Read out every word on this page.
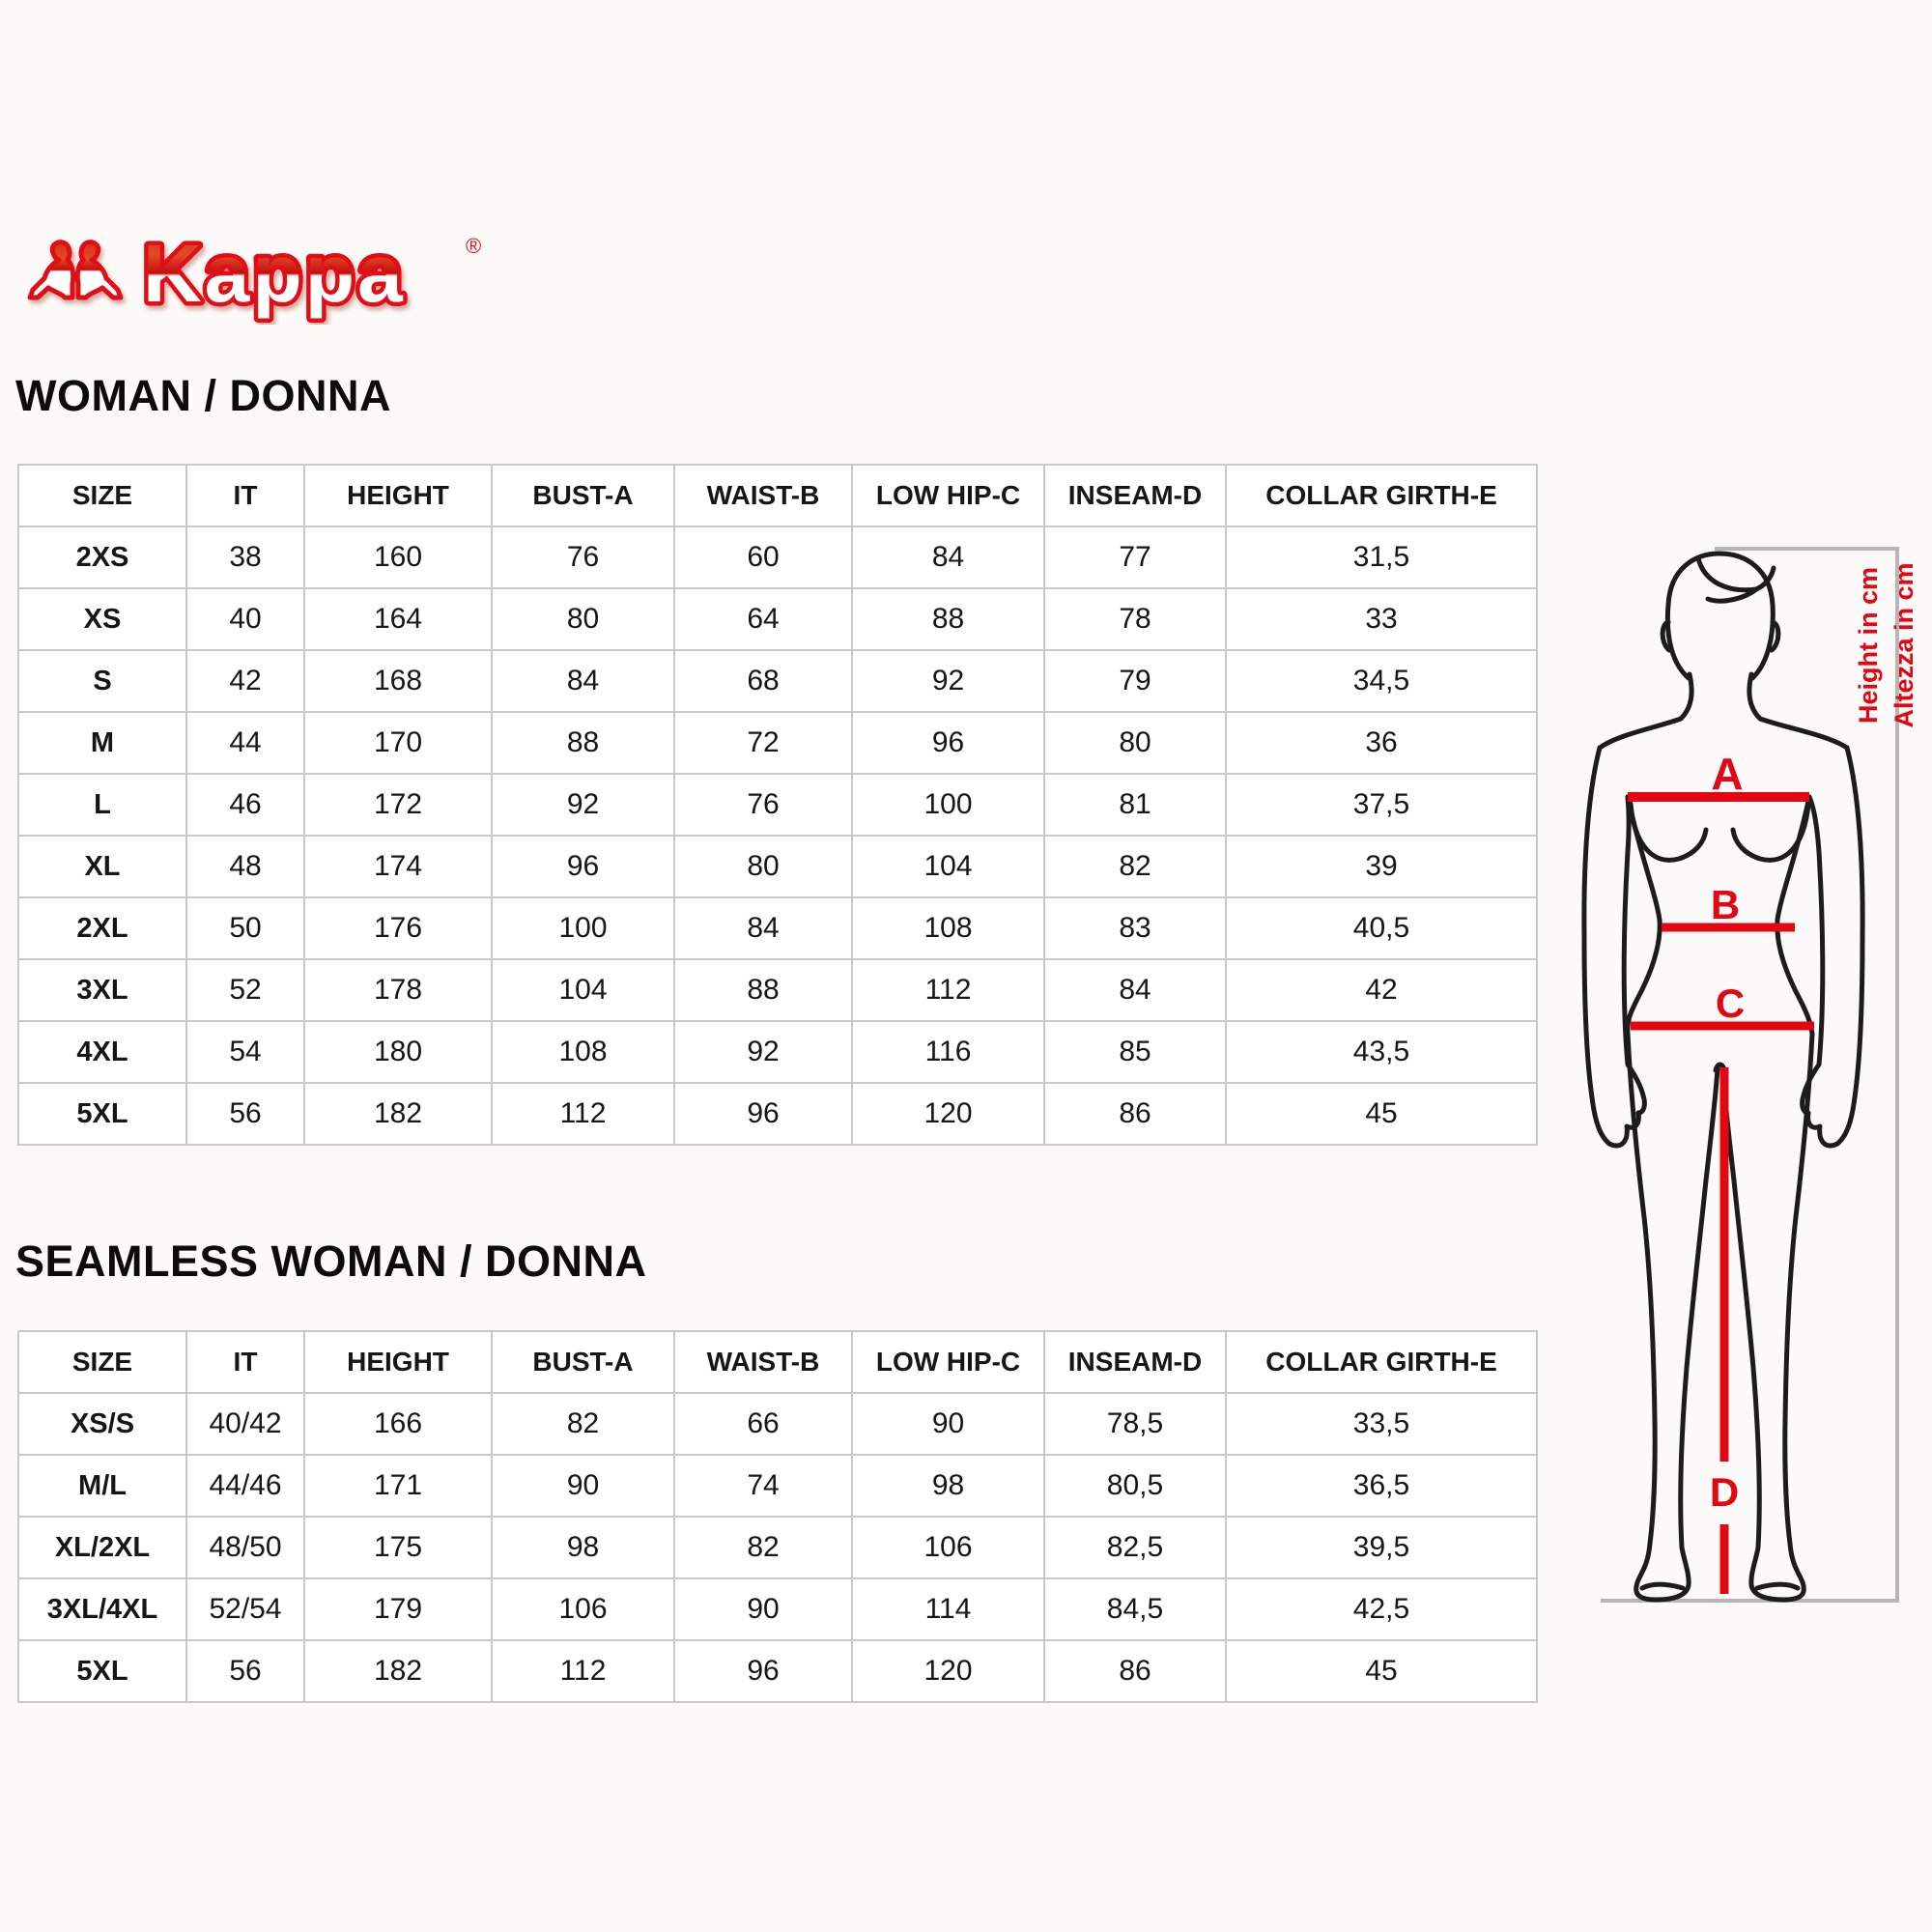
Kappa	®
WOMAN / DONNA
SIZE	IT	HEIGHT	BUST-A	WAIST-B	LOW HIP-C	INSEAM-D	COLLAR GIRTH-E
2XS	38	160	76	60	84	77	31,5
XS	40	164	80	64	88	78	33
S	42	168	84	68	92	79	34,5
M	44	170	88	72	96	80	36
L	46	172	92	76	100	81	37,5
XL	48	174	96	80	104	82	39
2XL	50	176	100	84	108	83	40,5
3XL	52	178	104	88	112	84	42
4XL	54	180	108	92	116	85	43,5
5XL	56	182	112	96	120	86	45
SEAMLESS WOMAN / DONNA
SIZE	IT	HEIGHT	BUST-A	WAIST-B	LOW HIP-C	INSEAM-D	COLLAR GIRTH-E
XS/S	40/42	166	82	66	90	78,5	33,5
M/L	44/46	171	90	74	98	80,5	36,5
XL/2XL	48/50	175	98	82	106	82,5	39,5
3XL/4XL	52/54	179	106	90	114	84,5	42,5
5XL	56	182	112	96	120	86	45
Height in cm Altezza in cm
A
B
C
D
